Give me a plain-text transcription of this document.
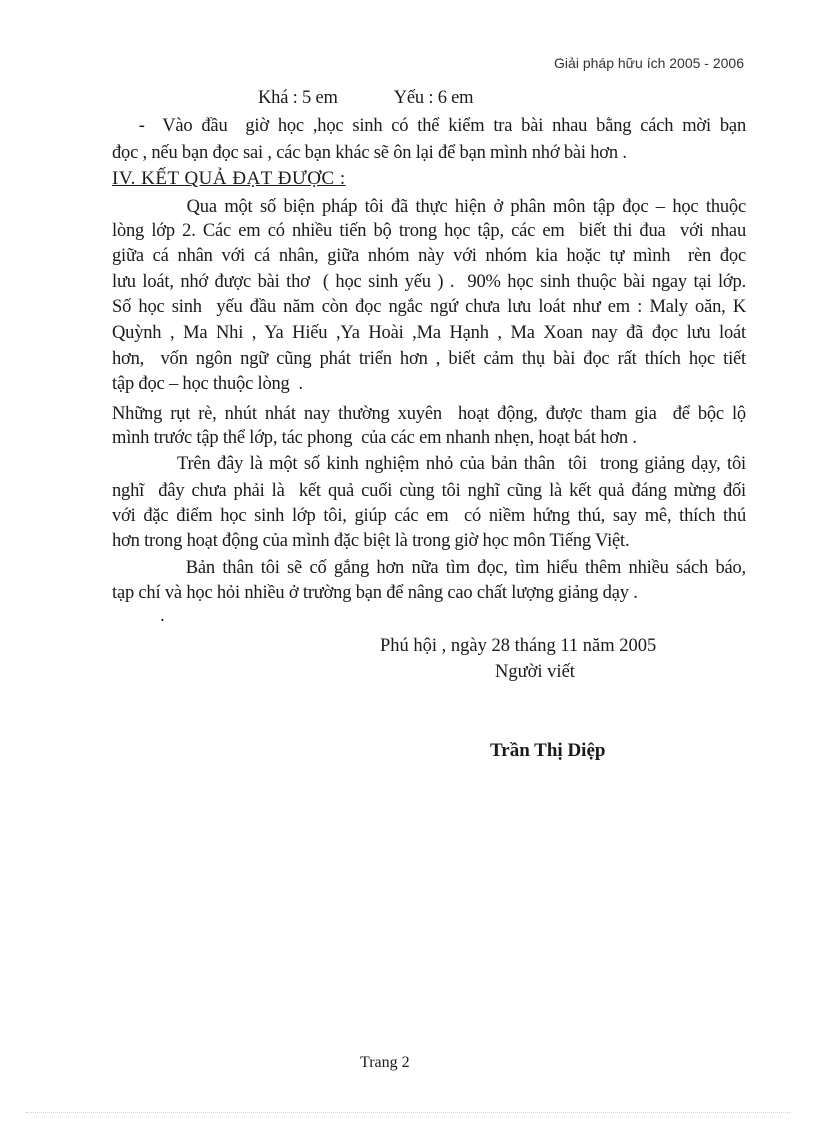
Giải pháp hữu ích 2005 - 2006
Khá : 5 em	Yếu : 6 em
-  Vào đầu  giờ học ,học sinh có thể kiểm tra bài nhau bằng cách mời bạn
đọc , nếu bạn đọc sai , các bạn khác sẽ ôn lại để bạn mình nhớ bài hơn .
IV. KẾT QUẢ ĐẠT ĐƯỢC :
Qua một số biện pháp tôi đã thực hiện ở phân môn tập đọc – học thuộc
lòng lớp 2. Các em có nhiều tiến bộ trong học tập, các em  biết thi đua  với nhau
giữa cá nhân với cá nhân, giữa nhóm này với nhóm kia hoặc tự mình  rèn đọc
lưu loát, nhớ được bài thơ  ( học sinh yếu ) .  90% học sinh thuộc bài ngay tại lớp.
Số học sinh  yếu đầu năm còn đọc ngắc ngứ chưa lưu loát như em : Maly oăn, K
Quỳnh , Ma Nhi , Ya Hiếu ,Ya Hoài ,Ma Hạnh , Ma Xoan nay đã đọc lưu loát
hơn,  vốn ngôn ngữ cũng phát triển hơn , biết cảm thụ bài đọc rất thích học tiết
tập đọc – học thuộc lòng  .
Những rụt rè, nhút nhát nay thường xuyên  hoạt động, được tham gia  để bộc lộ
mình trước tập thể lớp, tác phong  của các em nhanh nhẹn, hoạt bát hơn .
Trên đây là một số kinh nghiệm nhỏ của bản thân  tôi  trong giảng dạy, tôi
nghĩ  đây chưa phải là  kết quả cuối cùng tôi nghĩ cũng là kết quả đáng mừng đối
với đặc điểm học sinh lớp tôi, giúp các em  có niềm hứng thú, say mê, thích thú
hơn trong hoạt động của mình đặc biệt là trong giờ học môn Tiếng Việt.
Bản thân tôi sẽ cố gắng hơn nữa tìm đọc, tìm hiểu thêm nhiều sách báo,
tạp chí và học hỏi nhiều ở trường bạn để nâng cao chất lượng giảng dạy .
.
Phú hội , ngày 28 tháng 11 năm 2005
Người viết
Trần Thị Diệp
Trang 2
